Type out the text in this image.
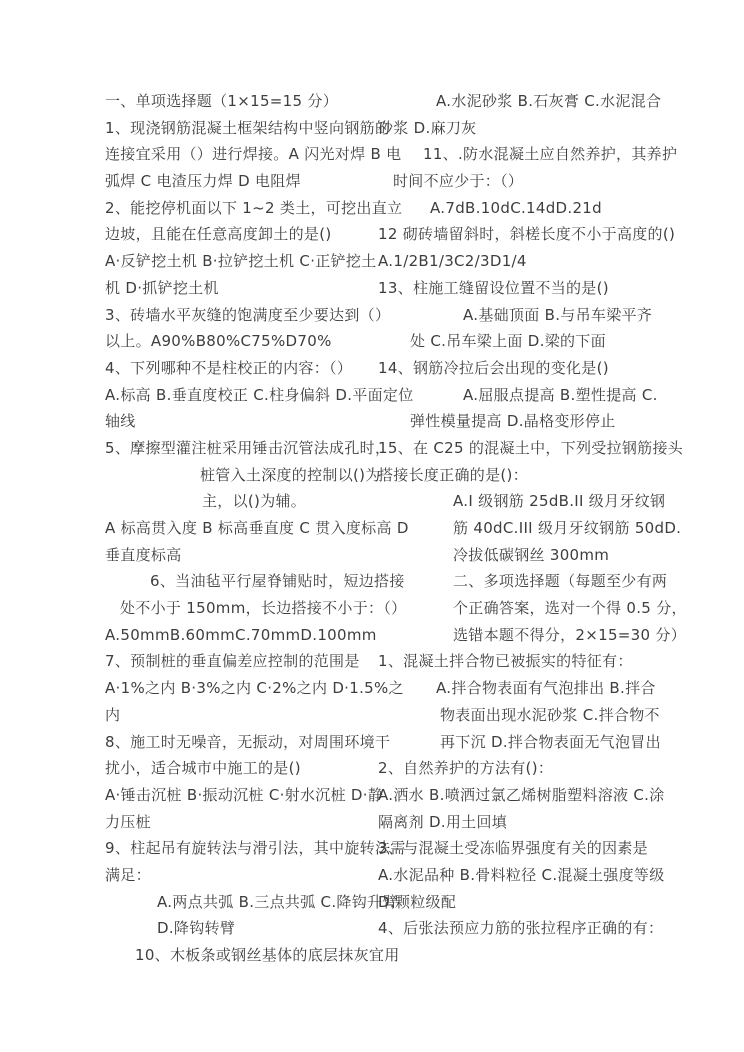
一、单项选择题（1×15=15 分）
1、现浇钢筋混凝土框架结构中竖向钢筋的
连接宜采用（）进行焊接。A 闪光对焊 B 电
弧焊 C 电渣压力焊 D 电阻焊
2、能挖停机面以下 1~2 类土，可挖出直立
边坡，且能在任意高度卸土的是()
A·反铲挖土机 B·拉铲挖土机 C·正铲挖土
机 D·抓铲挖土机
3、砖墙水平灰缝的饱满度至少要达到（）
以上。A90%B80%C75%D70%
4、下列哪种不是柱校正的内容：（）
A.标高 B.垂直度校正 C.柱身偏斜 D.平面定位
轴线
5、摩擦型灌注桩采用锤击沉管法成孔时，
桩管入土深度的控制以()为
主，以()为辅。
A 标高贯入度 B 标高垂直度 C 贯入度标高 D
垂直度标高
6、当油毡平行屋脊铺贴时，短边搭接
处不小于 150mm，长边搭接不小于：（）
A.50mmB.60mmC.70mmD.100mm
7、预制桩的垂直偏差应控制的范围是
A·1%之内 B·3%之内 C·2%之内 D·1.5%之
内
8、施工时无噪音，无振动，对周围环境干
扰小，适合城市中施工的是()
A·锤击沉桩 B·振动沉桩 C·射水沉桩 D·静
力压桩
9、柱起吊有旋转法与滑引法，其中旋转法需
满足：
A.两点共弧 B.三点共弧 C.降钩升臂
D.降钩转臂
10、木板条或钢丝基体的底层抹灰宜用
A.水泥砂浆 B.石灰膏 C.水泥混合
砂浆 D.麻刀灰
11、.防水混凝土应自然养护，其养护
时间不应少于：（）
A.7dB.10dC.14dD.21d
12 砌砖墙留斜时，斜槎长度不小于高度的()
A.1/2B1/3C2/3D1/4
13、柱施工缝留设位置不当的是()
A.基础顶面 B.与吊车梁平齐
处 C.吊车梁上面 D.梁的下面
14、钢筋冷拉后会出现的变化是()
A.屈服点提高 B.塑性提高 C.
弹性模量提高 D.晶格变形停止
15、在 C25 的混凝土中，下列受拉钢筋接头
搭接长度正确的是()：
A.I 级钢筋 25dB.II 级月牙纹钢
筋 40dC.III 级月牙纹钢筋 50dD.
冷拔低碳钢丝 300mm
二、多项选择题（每题至少有两
个正确答案，选对一个得 0.5 分，
选错本题不得分，2×15=30 分）
1、混凝土拌合物已被振实的特征有：
A.拌合物表面有气泡排出 B.拌合
物表面出现水泥砂浆 C.拌合物不
再下沉 D.拌合物表面无气泡冒出
2、自然养护的方法有()：
A.洒水 B.喷洒过氯乙烯树脂塑料溶液 C.涂
隔离剂 D.用土回填
3、与混凝土受冻临界强度有关的因素是
A.水泥品种 B.骨料粒径 C.混凝土强度等级
D.颗粒级配
4、后张法预应力筋的张拉程序正确的有：
